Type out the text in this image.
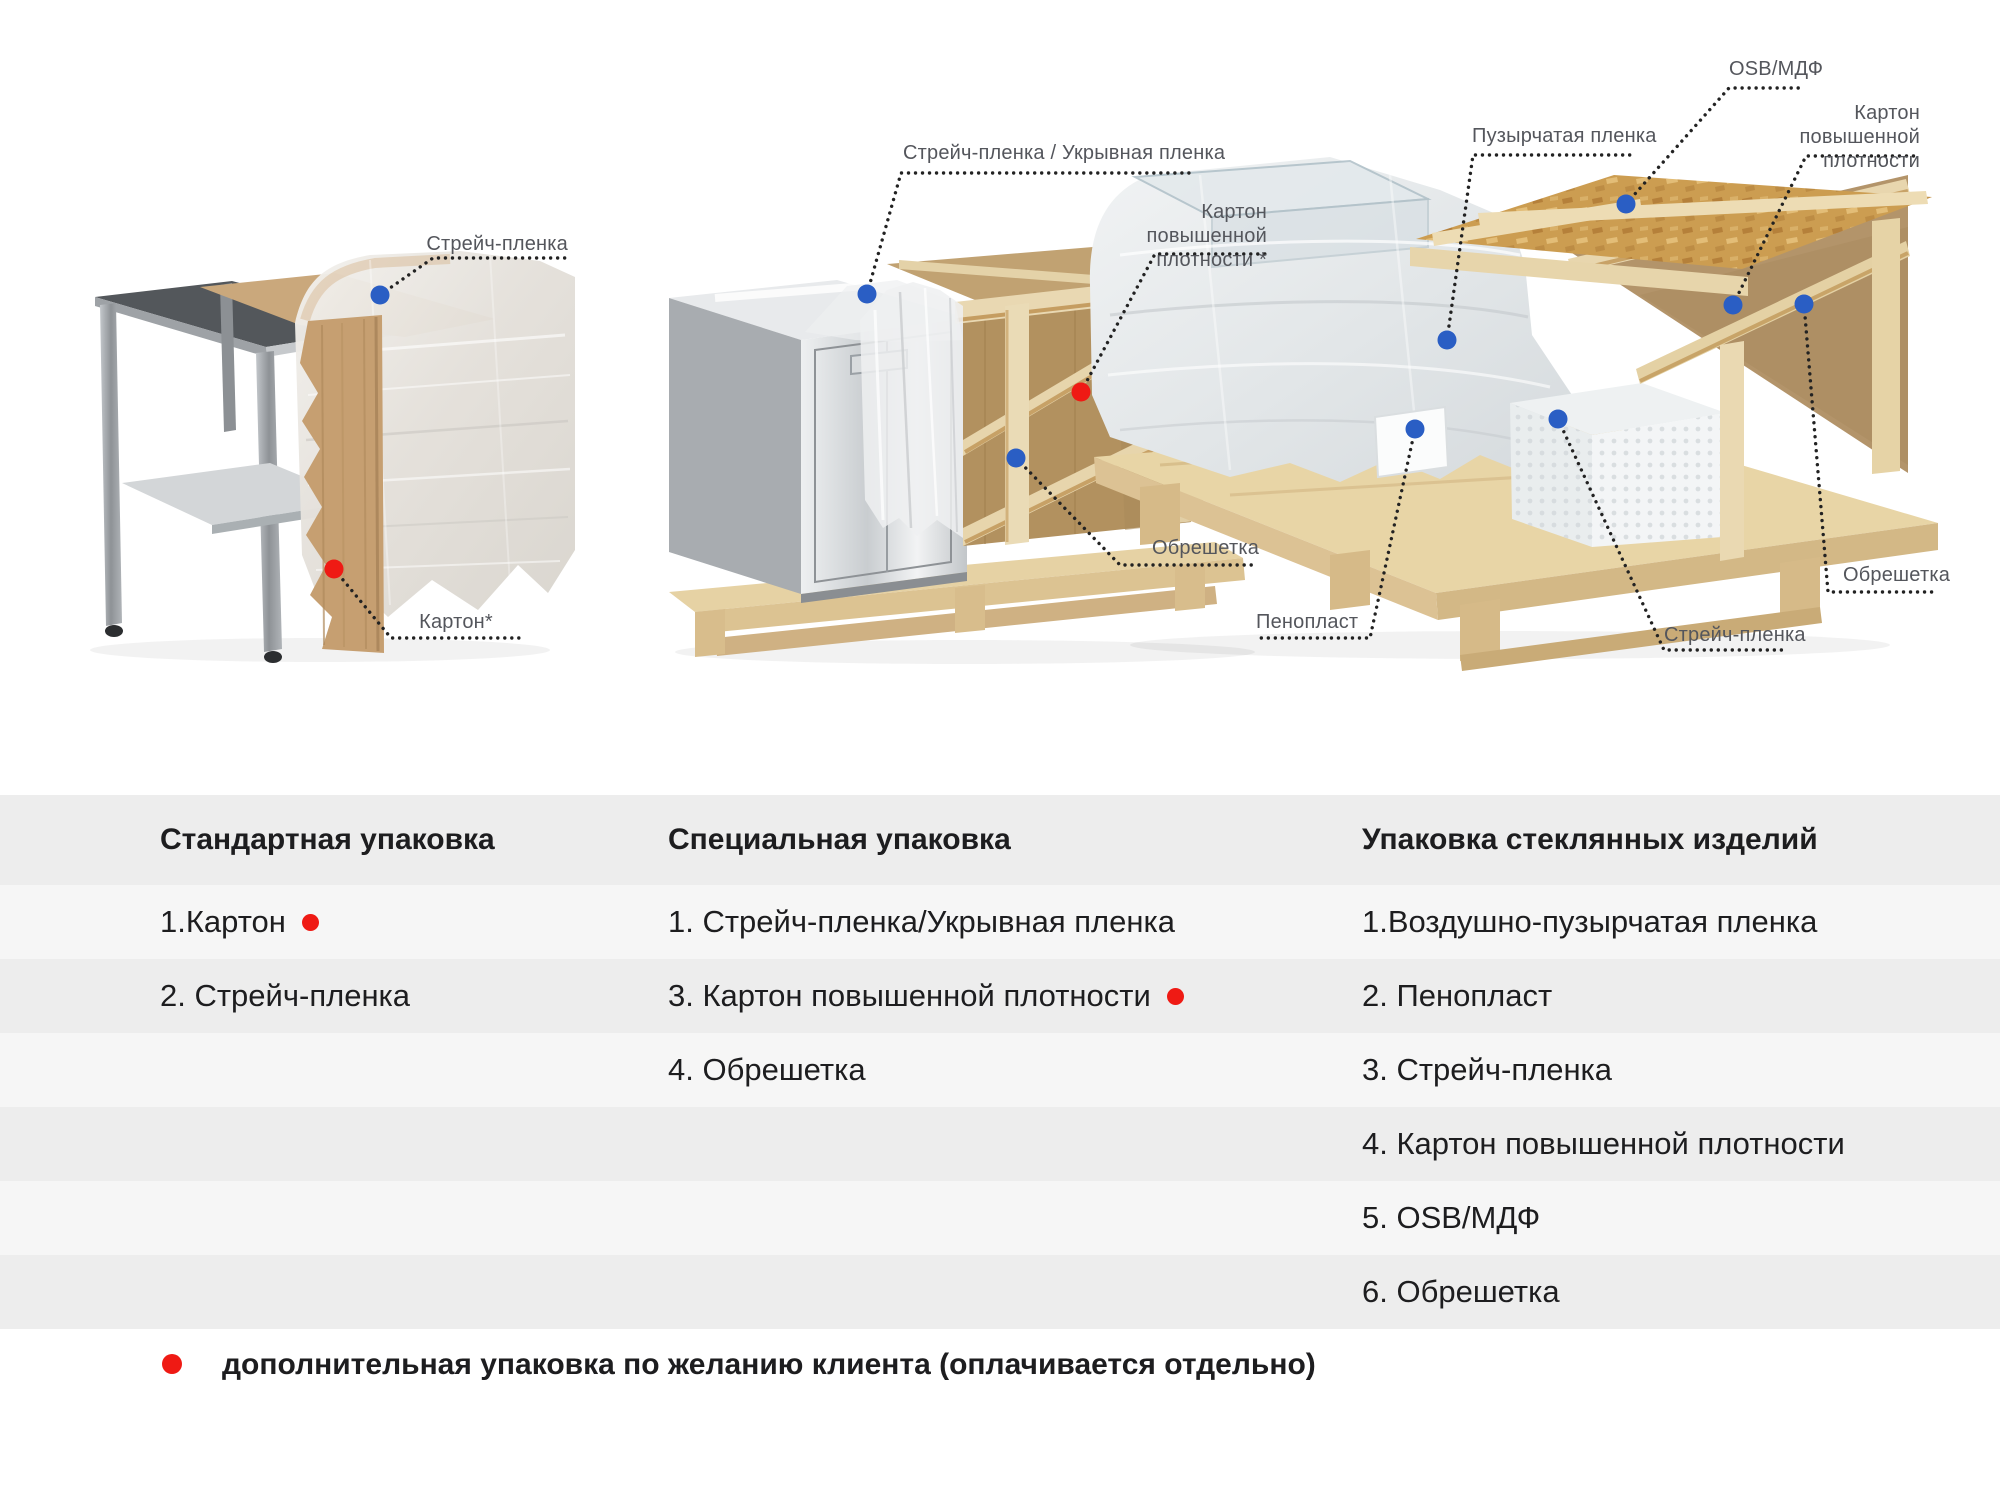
Стрейч-пленка
Картон*
Стрейч-пленка / Укрывная пленка
Картон повышенной плотности *
Обрешетка
Пузырчатая пленка
OSB/МДФ
Картон повышенной плотности
Обрешетка
Пенопласт
Стрейч-пленка
Стандартная упаковка
1.Картон
2. Стрейч-пленка
Специальная упаковка
1. Стрейч-пленка/Укрывная пленка
3. Картон повышенной плотности
4. Обрешетка
Упаковка стеклянных изделий
1.Воздушно-пузырчатая пленка
2. Пенопласт
3. Стрейч-пленка
4. Картон повышенной плотности
5. OSB/МДФ
6. Обрешетка
дополнительная упаковка по желанию клиента (оплачивается отдельно)
